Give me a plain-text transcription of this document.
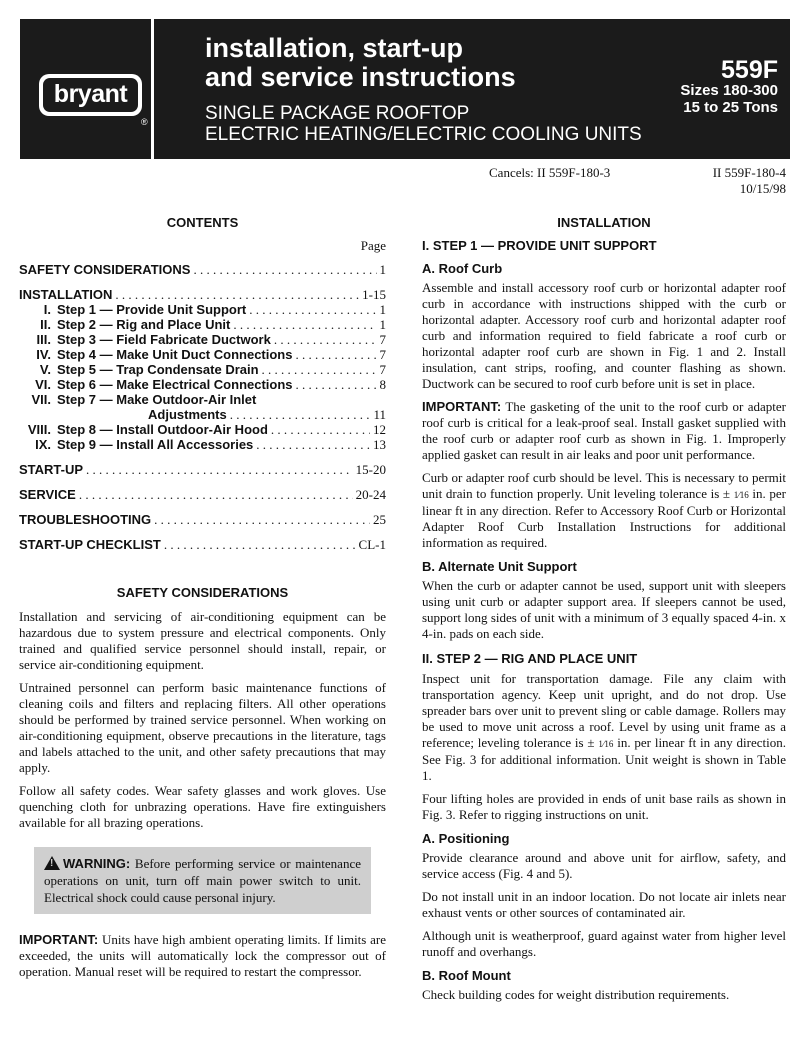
bryant
®
installation, start-up
and service instructions
SINGLE PACKAGE ROOFTOP
ELECTRIC HEATING/ELECTRIC COOLING UNITS
559F
Sizes 180-300
15 to 25 Tons
Cancels: II 559F-180-3	II 559F-180-4
10/15/98
CONTENTS
Page
SAFETY CONSIDERATIONS . . .	1
INSTALLATION . . .	1-15
I. Step 1 — Provide Unit Support . . .	1
II. Step 2 — Rig and Place Unit . . .	1
III. Step 3 — Field Fabricate Ductwork . . .	7
IV. Step 4 — Make Unit Duct Connections . . .	7
V. Step 5 — Trap Condensate Drain . . .	7
VI. Step 6 — Make Electrical Connections . . .	8
VII. Step 7 — Make Outdoor-Air Inlet
Adjustments . . .	11
VIII. Step 8 — Install Outdoor-Air Hood . . .	12
IX. Step 9 — Install All Accessories . . .	13
START-UP . . .	15-20
SERVICE . . .	20-24
TROUBLESHOOTING . . .	25
START-UP CHECKLIST . . .	CL-1
SAFETY CONSIDERATIONS

Installation and servicing of air-conditioning equipment can be hazardous due to system pressure and electrical components. Only trained and qualified service personnel should install, repair, or service air-conditioning equipment.

Untrained personnel can perform basic maintenance functions of cleaning coils and filters and replacing filters. All other operations should be performed by trained service personnel. When working on air-conditioning equipment, observe precautions in the literature, tags and labels attached to the unit, and other safety precautions that may apply.

Follow all safety codes. Wear safety glasses and work gloves. Use quenching cloth for unbrazing operations. Have fire extinguishers available for all brazing operations.

!WARNING: Before performing service or maintenance operations on unit, turn off main power switch to unit. Electrical shock could cause personal injury.

IMPORTANT: Units have high ambient operating limits. If limits are exceeded, the units will automatically lock the compressor out of operation. Manual reset will be required to restart the compressor.

INSTALLATION
I. STEP 1 — PROVIDE UNIT SUPPORT
A. Roof Curb

Assemble and install accessory roof curb or horizontal adapter roof curb in accordance with instructions shipped with the curb or horizontal adapter. Accessory roof curb and horizontal adapter roof curb and information required to field fabricate a roof curb or horizontal adapter roof curb are shown in Fig. 1 and 2. Install insulation, cant strips, roofing, and counter flashing as shown. Ductwork can be secured to roof curb before unit is set in place.

IMPORTANT: The gasketing of the unit to the roof curb or adapter roof curb is critical for a leak-proof seal. Install gasket supplied with the roof curb or adapter roof curb as shown in Fig. 1. Improperly applied gasket can result in air leaks and poor unit performance.

Curb or adapter roof curb should be level. This is necessary to permit unit drain to function properly. Unit leveling tolerance is ± 1⁄16 in. per linear ft in any direction. Refer to Accessory Roof Curb or Horizontal Adapter Roof Curb Installation Instructions for additional information as required.

B. Alternate Unit Support

When the curb or adapter cannot be used, support unit with sleepers using unit curb or adapter support area. If sleepers cannot be used, support long sides of unit with a minimum of 3 equally spaced 4-in. x 4-in. pads on each side.

II. STEP 2 — RIG AND PLACE UNIT

Inspect unit for transportation damage. File any claim with transportation agency. Keep unit upright, and do not drop. Use spreader bars over unit to prevent sling or cable damage. Rollers may be used to move unit across a roof. Level by using unit frame as a reference; leveling tolerance is ± 1⁄16 in. per linear ft in any direction. See Fig. 3 for additional information. Unit weight is shown in Table 1.

Four lifting holes are provided in ends of unit base rails as shown in Fig. 3. Refer to rigging instructions on unit.

A. Positioning

Provide clearance around and above unit for airflow, safety, and service access (Fig. 4 and 5).

Do not install unit in an indoor location. Do not locate air inlets near exhaust vents or other sources of contaminated air.

Although unit is weatherproof, guard against water from higher level runoff and overhangs.

B. Roof Mount

Check building codes for weight distribution requirements.
